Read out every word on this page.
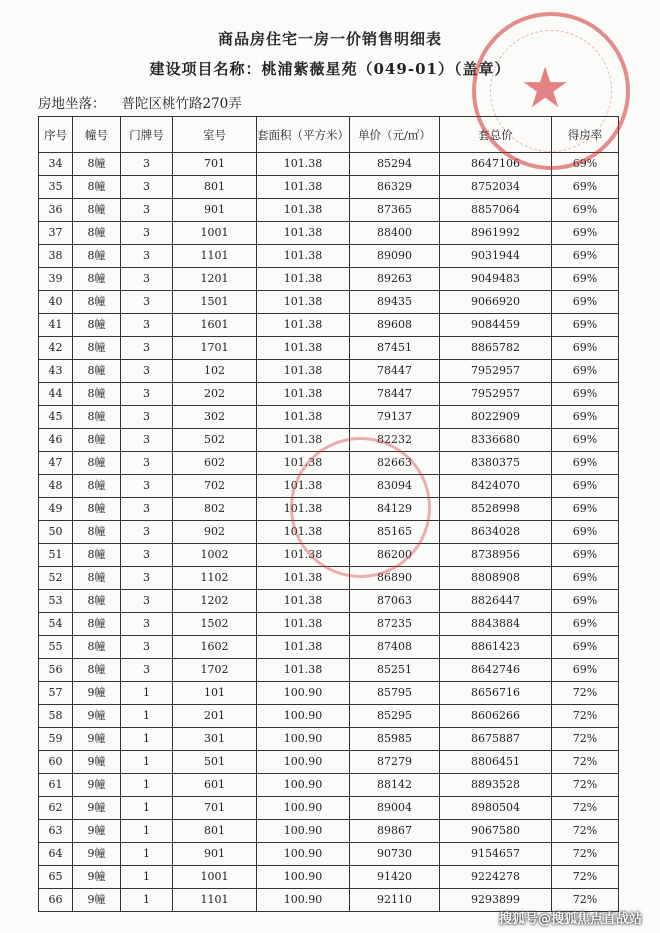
商品房住宅一房一价销售明细表
建设项目名称：桃浦紫薇星苑（049-01）（盖章）
房地坐落： 普陀区桃竹路270弄
序号	幢号	门牌号	室号	套面积（平方米）	单价（元/㎡）	套总价	得房率
34	8幢	3	701	101.38	85294	8647106	69%
35	8幢	3	801	101.38	86329	8752034	69%
36	8幢	3	901	101.38	87365	8857064	69%
37	8幢	3	1001	101.38	88400	8961992	69%
38	8幢	3	1101	101.38	89090	9031944	69%
39	8幢	3	1201	101.38	89263	9049483	69%
40	8幢	3	1501	101.38	89435	9066920	69%
41	8幢	3	1601	101.38	89608	9084459	69%
42	8幢	3	1701	101.38	87451	8865782	69%
43	8幢	3	102	101.38	78447	7952957	69%
44	8幢	3	202	101.38	78447	7952957	69%
45	8幢	3	302	101.38	79137	8022909	69%
46	8幢	3	502	101.38	82232	8336680	69%
47	8幢	3	602	101.38	82663	8380375	69%
48	8幢	3	702	101.38	83094	8424070	69%
49	8幢	3	802	101.38	84129	8528998	69%
50	8幢	3	902	101.38	85165	8634028	69%
51	8幢	3	1002	101.38	86200	8738956	69%
52	8幢	3	1102	101.38	86890	8808908	69%
53	8幢	3	1202	101.38	87063	8826447	69%
54	8幢	3	1502	101.38	87235	8843884	69%
55	8幢	3	1602	101.38	87408	8861423	69%
56	8幢	3	1702	101.38	85251	8642746	69%
57	9幢	1	101	100.90	85795	8656716	72%
58	9幢	1	201	100.90	85295	8606266	72%
59	9幢	1	301	100.90	85985	8675887	72%
60	9幢	1	501	100.90	87279	8806451	72%
61	9幢	1	601	100.90	88142	8893528	72%
62	9幢	1	701	100.90	89004	8980504	72%
63	9幢	1	801	100.90	89867	9067580	72%
64	9幢	1	901	100.90	90730	9154657	72%
65	9幢	1	1001	100.90	91420	9224278	72%
66	9幢	1	1101	100.90	92110	9293899	72%
★
搜狐号@搜狐焦点直战站
